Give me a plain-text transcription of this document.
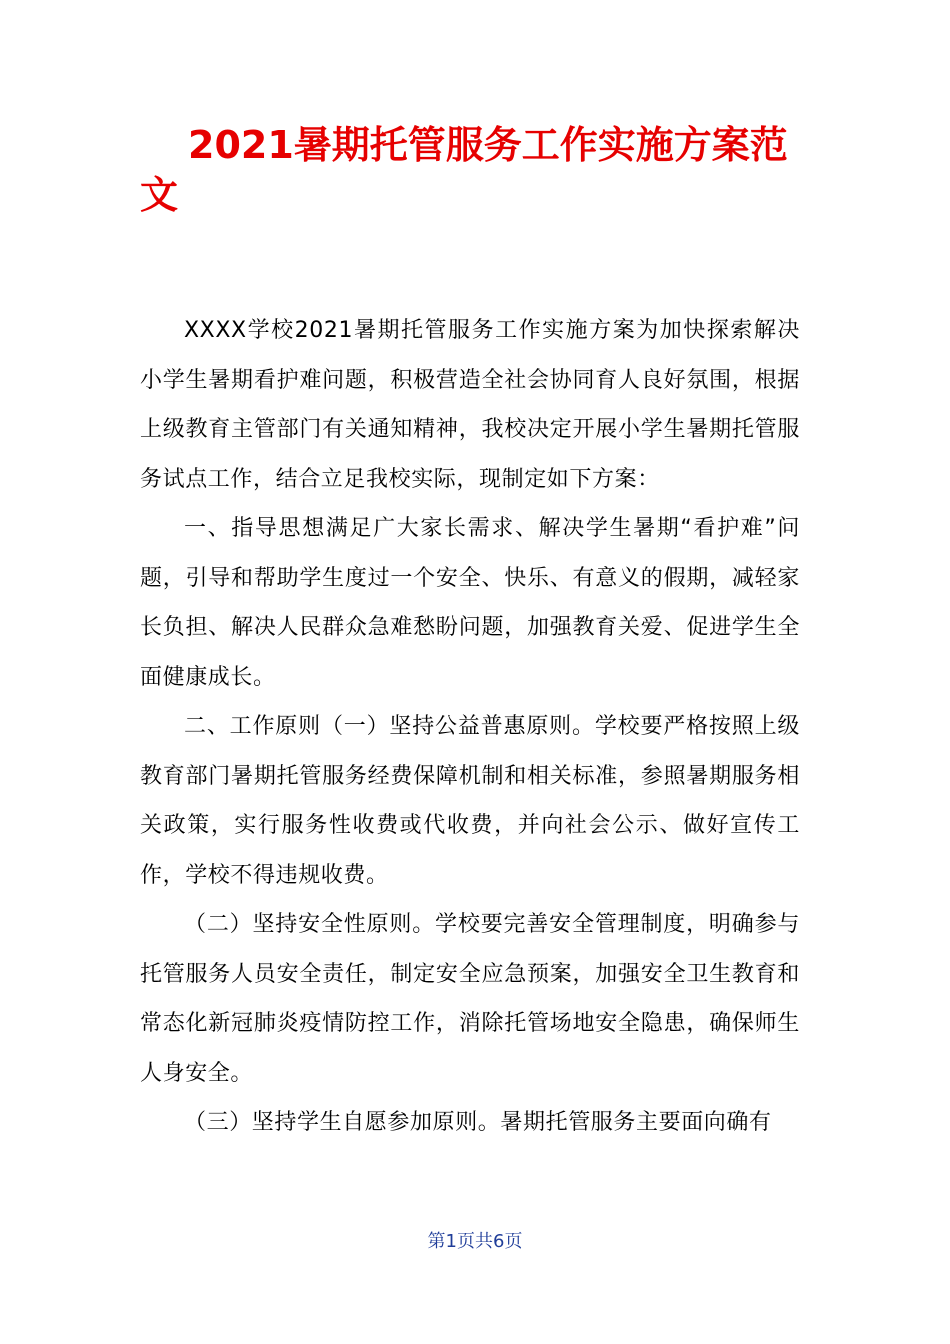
2021暑期托管服务工作实施方案范文

XXXX学校2021暑期托管服务工作实施方案为加快探索解决小学生暑期看护难问题，积极营造全社会协同育人良好氛围，根据上级教育主管部门有关通知精神，我校决定开展小学生暑期托管服务试点工作，结合立足我校实际，现制定如下方案：

一、指导思想满足广大家长需求、解决学生暑期“看护难”问题，引导和帮助学生度过一个安全、快乐、有意义的假期，减轻家长负担、解决人民群众急难愁盼问题，加强教育关爱、促进学生全面健康成长。

二、工作原则（一）坚持公益普惠原则。学校要严格按照上级教育部门暑期托管服务经费保障机制和相关标准，参照暑期服务相关政策，实行服务性收费或代收费，并向社会公示、做好宣传工作，学校不得违规收费。

（二）坚持安全性原则。学校要完善安全管理制度，明确参与托管服务人员安全责任，制定安全应急预案，加强安全卫生教育和常态化新冠肺炎疫情防控工作，消除托管场地安全隐患，确保师生人身安全。

（三）坚持学生自愿参加原则。暑期托管服务主要面向确有

第1页共6页
